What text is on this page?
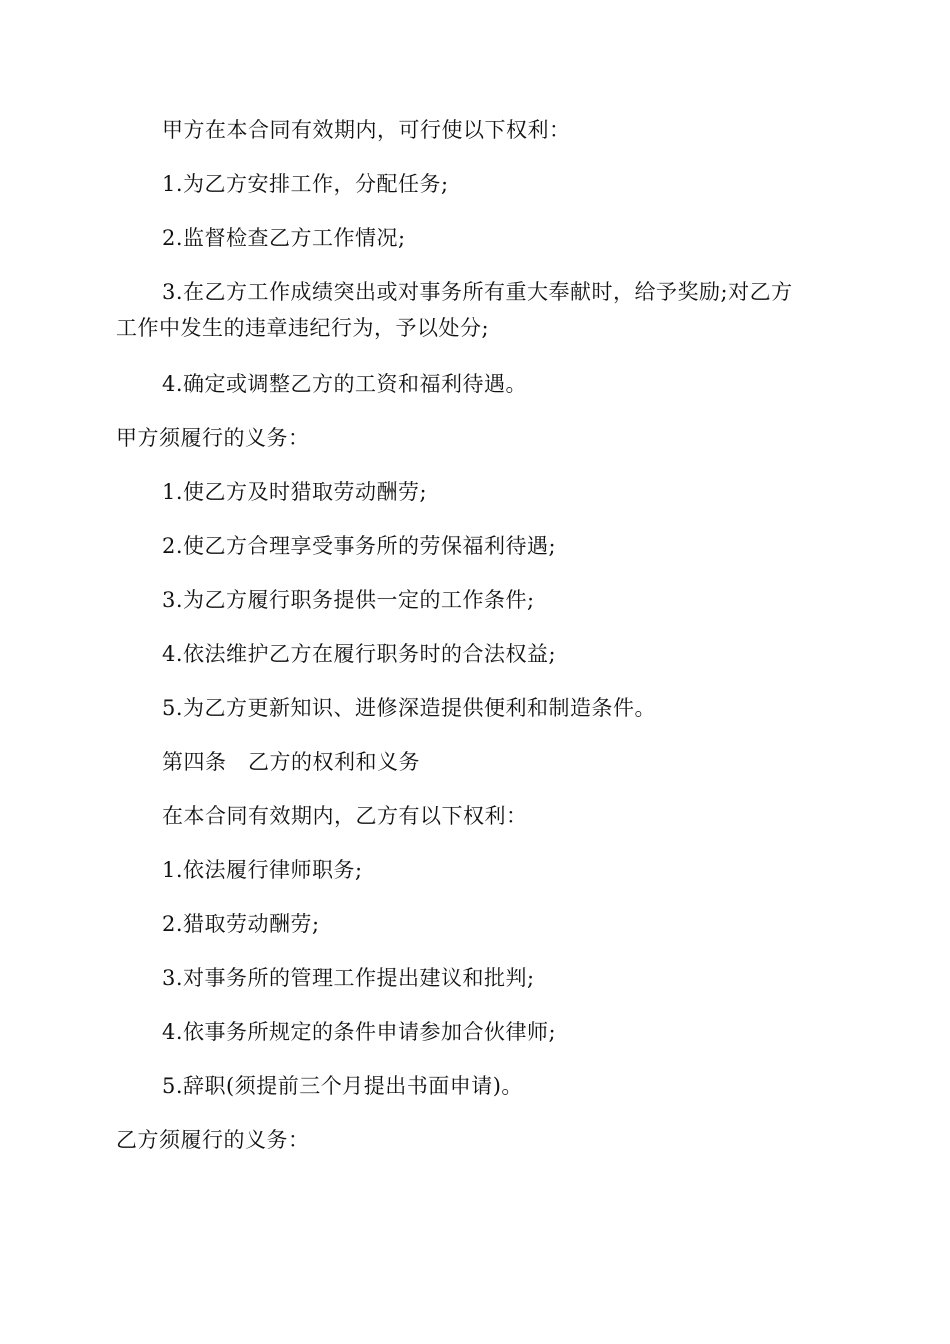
甲方在本合同有效期内，可行使以下权利：
1.为乙方安排工作，分配任务;
2.监督检查乙方工作情况;
3.在乙方工作成绩突出或对事务所有重大奉献时，给予奖励;对乙方
工作中发生的违章违纪行为，予以处分;
4.确定或调整乙方的工资和福利待遇。
甲方须履行的义务：
1.使乙方及时猎取劳动酬劳;
2.使乙方合理享受事务所的劳保福利待遇;
3.为乙方履行职务提供一定的工作条件;
4.依法维护乙方在履行职务时的合法权益;
5.为乙方更新知识、进修深造提供便利和制造条件。
第四条　乙方的权利和义务
在本合同有效期内，乙方有以下权利：
1.依法履行律师职务;
2.猎取劳动酬劳;
3.对事务所的管理工作提出建议和批判;
4.依事务所规定的条件申请参加合伙律师;
5.辞职(须提前三个月提出书面申请)。
乙方须履行的义务：
